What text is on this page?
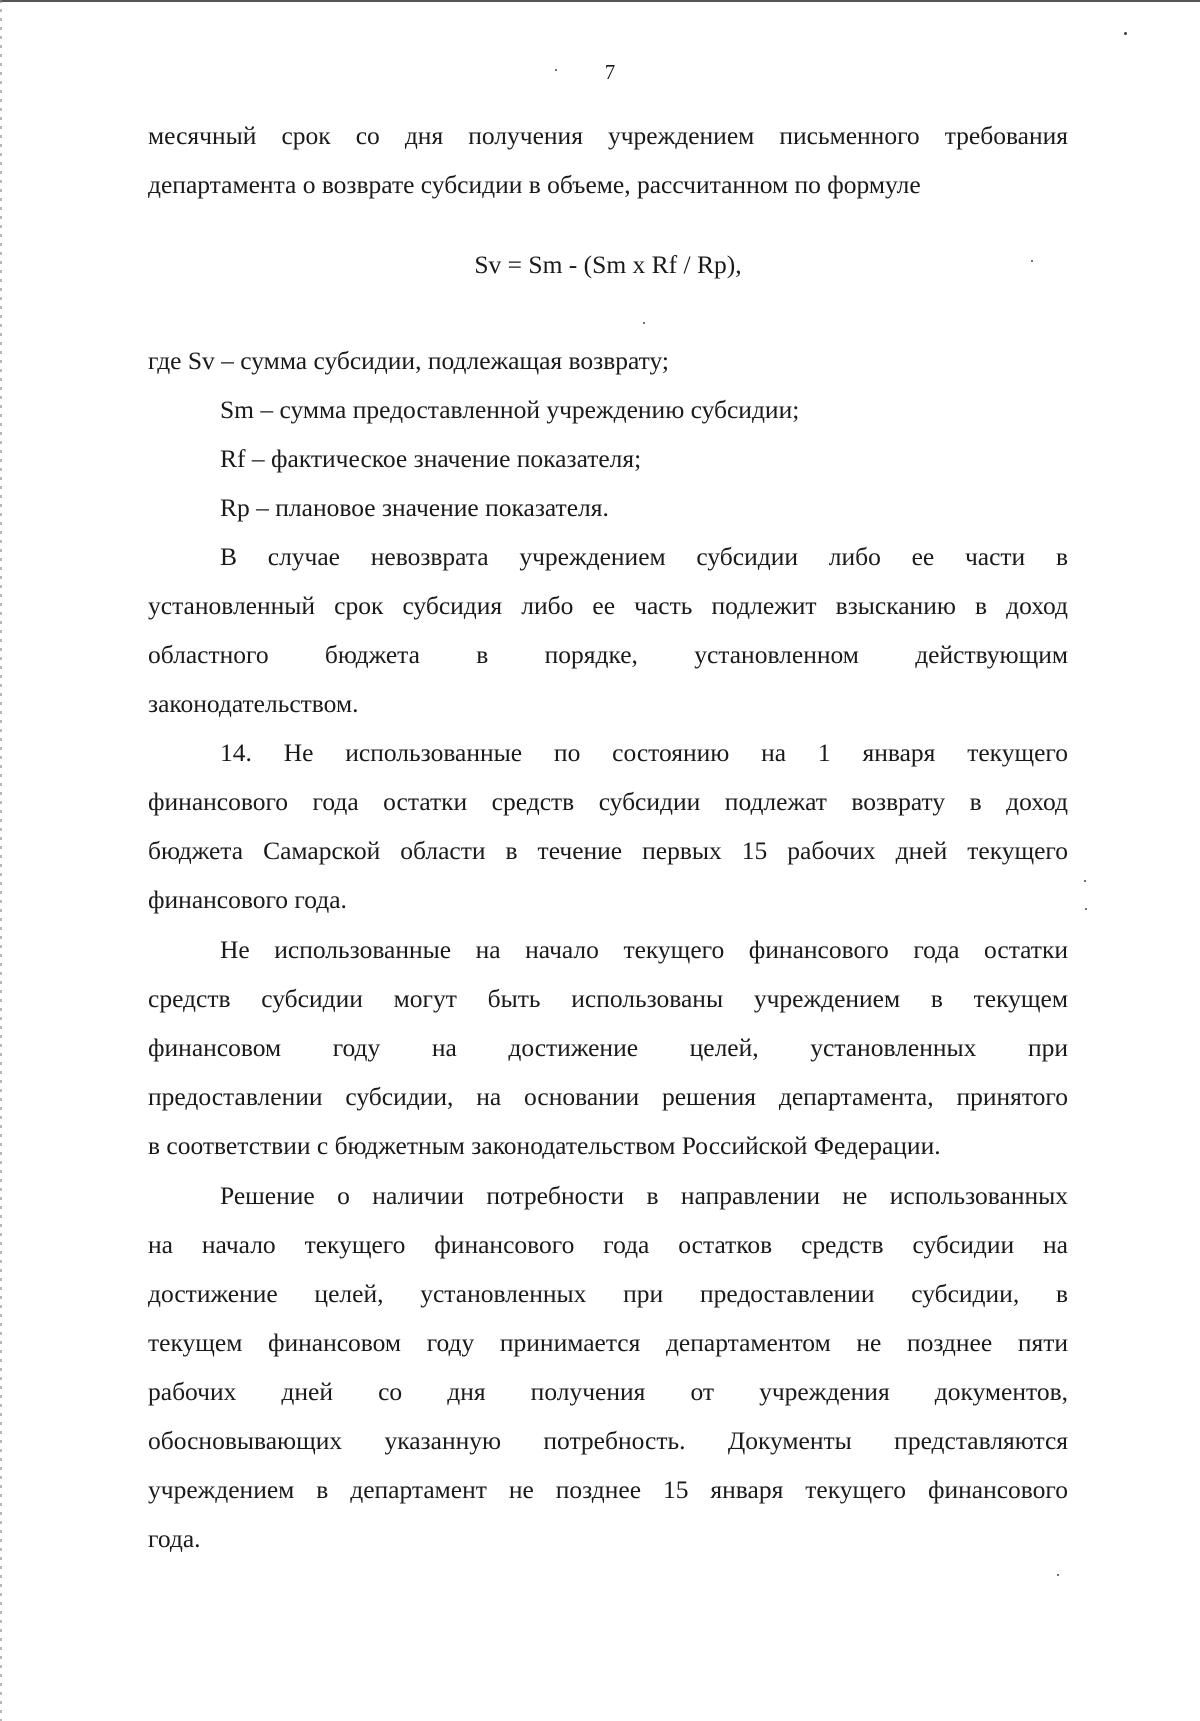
7
месячный срок со дня получения учреждением письменного требования
департамента о возврате субсидии в объеме, рассчитанном по формуле
Sv = Sm - (Sm x Rf / Rp),
где Sv – сумма субсидии, подлежащая возврату;
Sm – сумма предоставленной учреждению субсидии;
Rf – фактическое значение показателя;
Rp – плановое значение показателя.
В случае невозврата учреждением субсидии либо ее части в
установленный срок субсидия либо ее часть подлежит взысканию в доход
областного бюджета в порядке, установленном действующим
законодательством.
14. Не использованные по состоянию на 1 января текущего
финансового года остатки средств субсидии подлежат возврату в доход
бюджета Самарской области в течение первых 15 рабочих дней текущего
финансового года.
Не использованные на начало текущего финансового года остатки
средств субсидии могут быть использованы учреждением в текущем
финансовом году на достижение целей, установленных при
предоставлении субсидии, на основании решения департамента, принятого
в соответствии с бюджетным законодательством Российской Федерации.
Решение о наличии потребности в направлении не использованных
на начало текущего финансового года остатков средств субсидии на
достижение целей, установленных при предоставлении субсидии, в
текущем финансовом году принимается департаментом не позднее пяти
рабочих дней со дня получения от учреждения документов,
обосновывающих указанную потребность. Документы представляются
учреждением в департамент не позднее 15 января текущего финансового
года.
